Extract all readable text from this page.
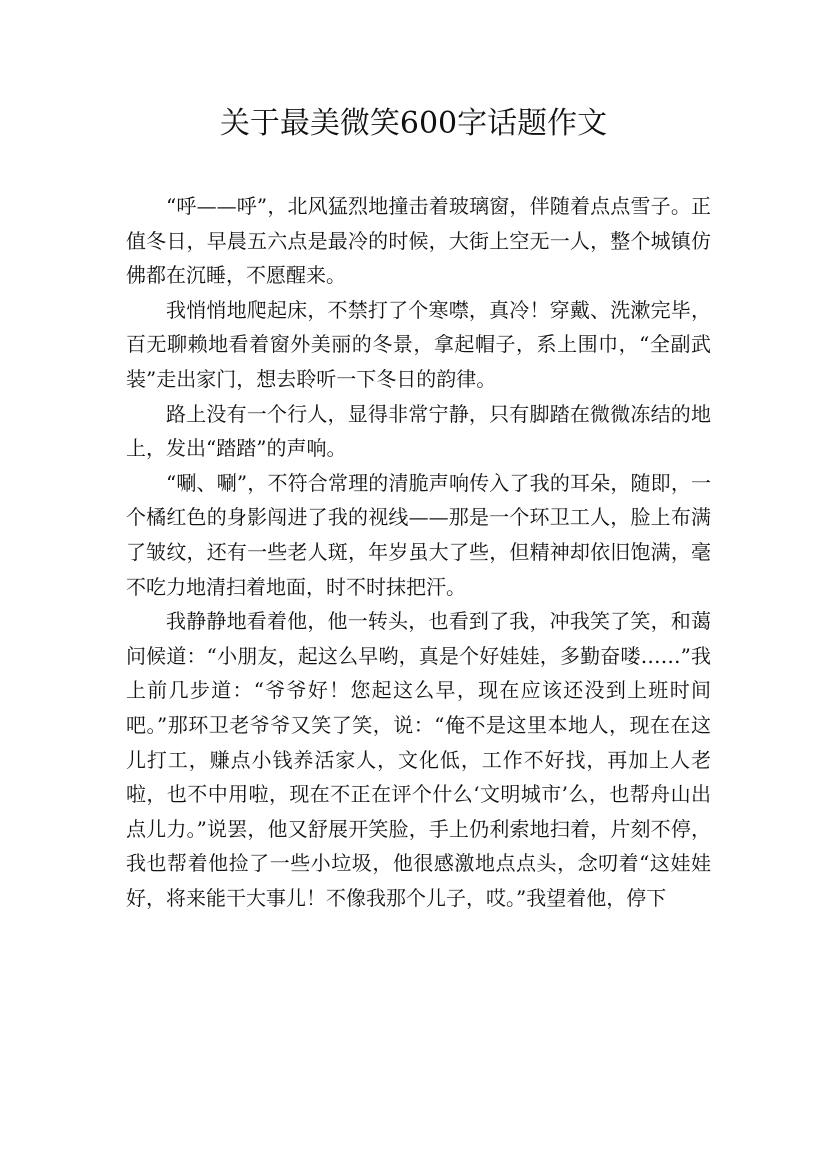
关于最美微笑600字话题作文

“呼——呼”，北风猛烈地撞击着玻璃窗，伴随着点点雪子。正值冬日，早晨五六点是最冷的时候，大街上空无一人，整个城镇仿佛都在沉睡，不愿醒来。

我悄悄地爬起床，不禁打了个寒噤，真冷！穿戴、洗漱完毕，百无聊赖地看着窗外美丽的冬景，拿起帽子，系上围巾，“全副武装”走出家门，想去聆听一下冬日的韵律。

路上没有一个行人，显得非常宁静，只有脚踏在微微冻结的地上，发出“踏踏”的声响。

“唰、唰”，不符合常理的清脆声响传入了我的耳朵，随即，一个橘红色的身影闯进了我的视线——那是一个环卫工人，脸上布满了皱纹，还有一些老人斑，年岁虽大了些，但精神却依旧饱满，毫不吃力地清扫着地面，时不时抹把汗。

我静静地看着他，他一转头，也看到了我，冲我笑了笑，和蔼问候道：“小朋友，起这么早哟，真是个好娃娃，多勤奋喽……”我上前几步道：“爷爷好！您起这么早，现在应该还没到上班时间吧。”那环卫老爷爷又笑了笑，说：“俺不是这里本地人，现在在这儿打工，赚点小钱养活家人，文化低，工作不好找，再加上人老啦，也不中用啦，现在不正在评个什么‘文明城市’么，也帮舟山出点儿力。”说罢，他又舒展开笑脸，手上仍利索地扫着，片刻不停，我也帮着他捡了一些小垃圾，他很感激地点点头，念叨着“这娃娃好，将来能干大事儿！不像我那个儿子，哎。”我望着他，停下
